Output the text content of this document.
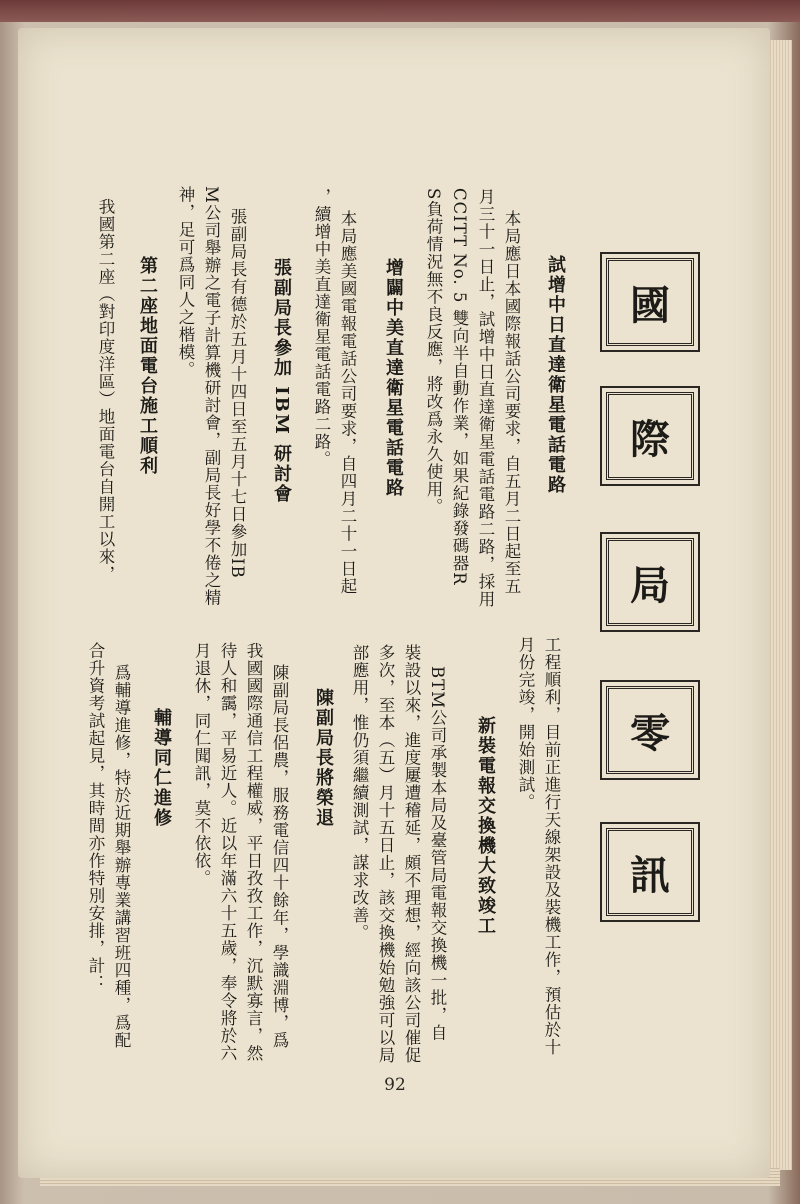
國
際
局
零
訊
試增中日直達衛星電話電路
本局應日本國際報話公司要求，自五月二日起至五
月三十一日止，試增中日直達衛星電話電路二路，採用
CCITT No. 5 雙向半自動作業，如果紀錄發碼器R
S負荷情況無不良反應，將改爲永久使用。
增闢中美直達衛星電話電路
本局應美國電報電話公司要求，自四月二十一日起
，續增中美直達衛星電話電路二路。
張副局長參加 IBM 研討會
張副局長有德於五月十四日至五月十七日參加IB
M公司舉辦之電子計算機研討會，副局長好學不倦之精
神，足可爲同人之楷模。
第二座地面電台施工順利
我國第二座（對印度洋區）地面電台自開工以來，
工程順利，目前正進行天線架設及裝機工作，預估於十
月份完竣，開始測試。
新裝電報交換機大致竣工
BTM公司承製本局及臺管局電報交換機一批，自
裝設以來，進度屢遭稽延，頗不理想，經向該公司催促
多次，至本（五）月十五日止，該交換機始勉強可以局
部應用，惟仍須繼續測試，謀求改善。
陳副局長將榮退
陳副局長侶農，服務電信四十餘年，學識淵博，爲
我國國際通信工程權威，平日孜孜工作，沉默寡言，然
待人和靄，平易近人。近以年滿六十五歲，奉令將於六
月退休，同仁聞訊，莫不依依。
輔導同仁進修
爲輔導進修，特於近期舉辦專業講習班四種，爲配
合升資考試起見，其時間亦作特別安排，計：
92
